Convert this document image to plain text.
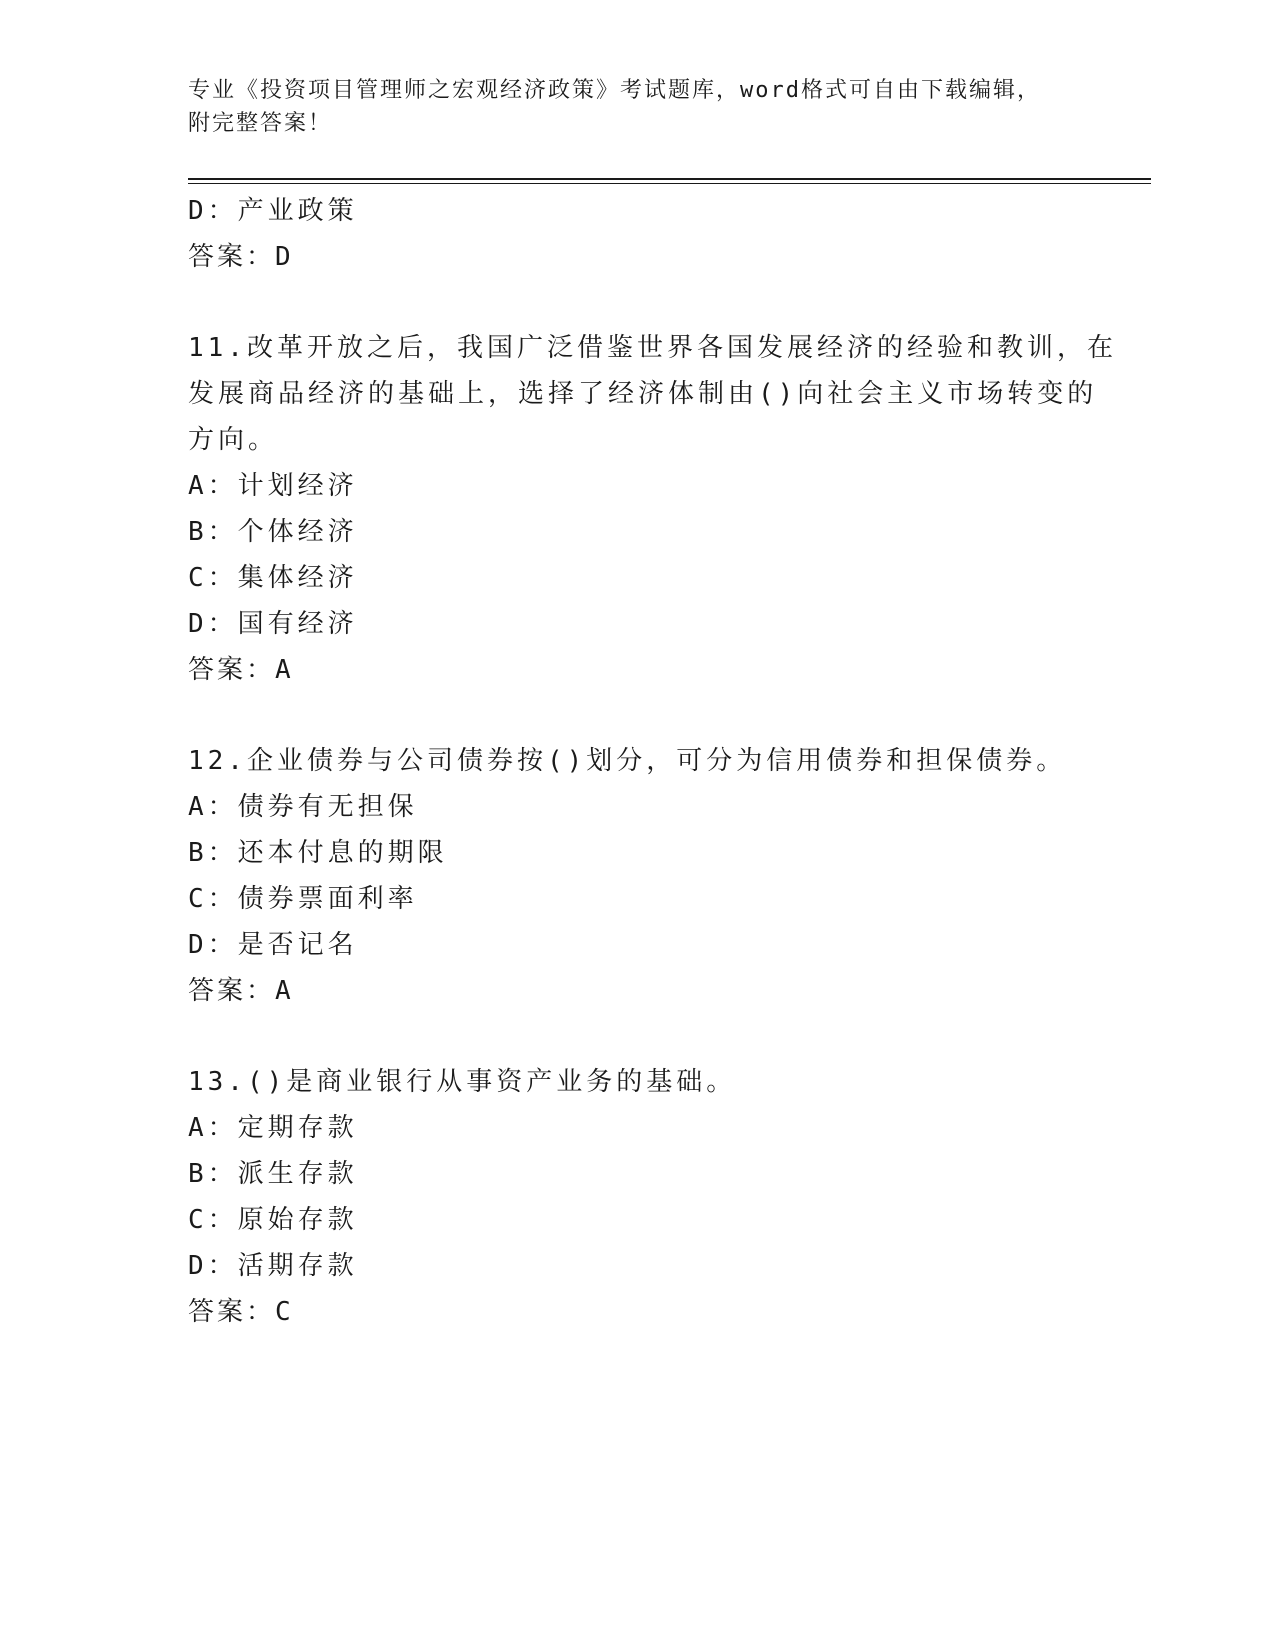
专业《投资项目管理师之宏观经济政策》考试题库，word格式可自由下载编辑，
附完整答案！
D：产业政策
答案：D
11.改革开放之后，我国广泛借鉴世界各国发展经济的经验和教训，在
发展商品经济的基础上，选择了经济体制由()向社会主义市场转变的
方向。
A：计划经济
B：个体经济
C：集体经济
D：国有经济
答案：A
12.企业债券与公司债券按()划分，可分为信用债券和担保债券。
A：债券有无担保
B：还本付息的期限
C：债券票面利率
D：是否记名
答案：A
13.()是商业银行从事资产业务的基础。
A：定期存款
B：派生存款
C：原始存款
D：活期存款
答案：C
